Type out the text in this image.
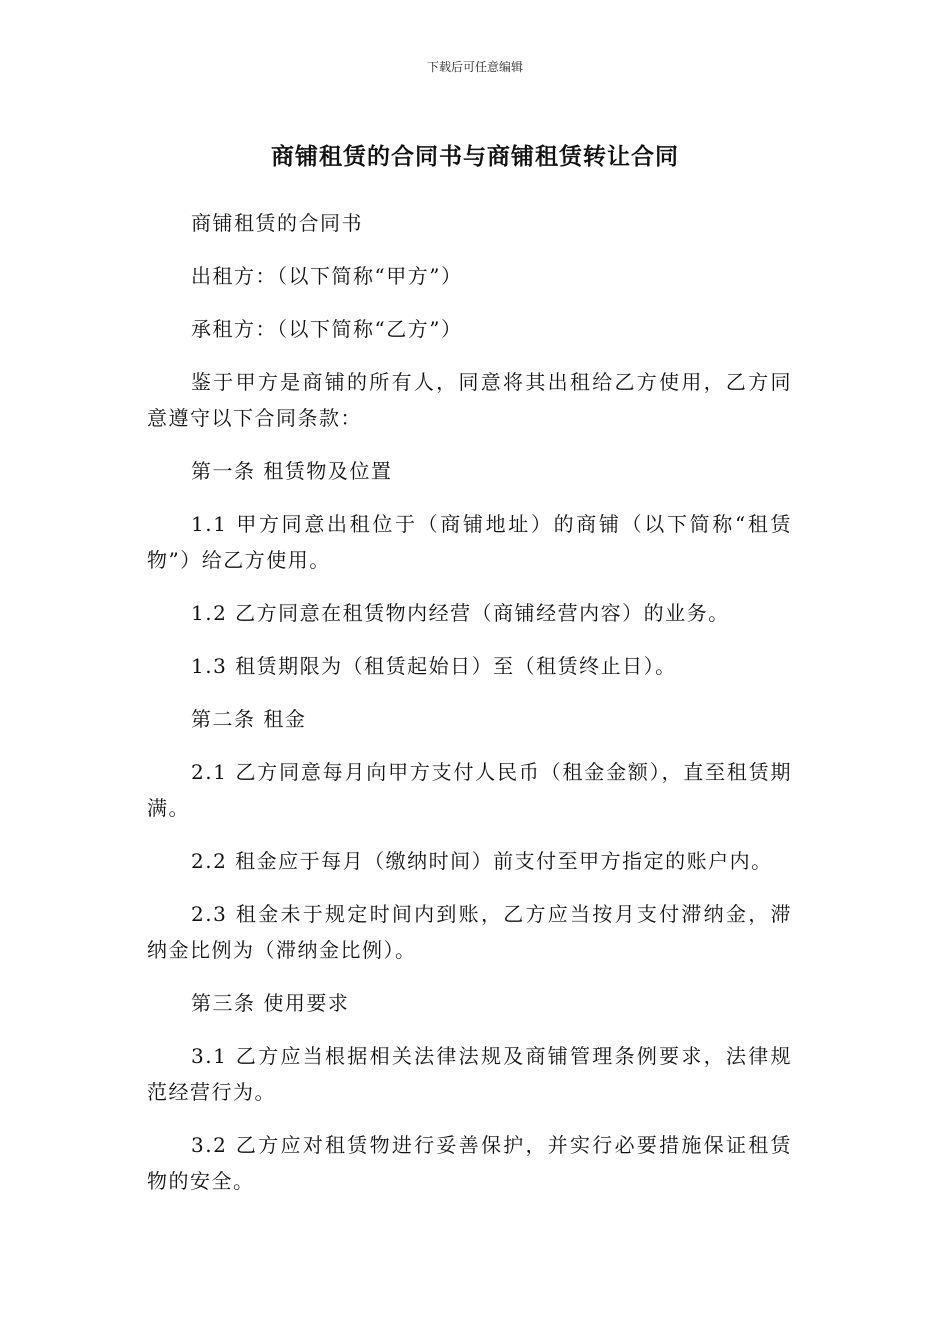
下载后可任意编辑
商铺租赁的合同书与商铺租赁转让合同

商铺租赁的合同书

出租方：（以下简称“甲方”）

承租方：（以下简称“乙方”）

鉴于甲方是商铺的所有人，同意将其出租给乙方使用，乙方同意遵守以下合同条款：

第一条 租赁物及位置

1.1 甲方同意出租位于（商铺地址）的商铺（以下简称“租赁物”）给乙方使用。

1.2 乙方同意在租赁物内经营（商铺经营内容）的业务。

1.3 租赁期限为（租赁起始日）至（租赁终止日）。

第二条 租金

2.1 乙方同意每月向甲方支付人民币（租金金额），直至租赁期满。

2.2 租金应于每月（缴纳时间）前支付至甲方指定的账户内。

2.3 租金未于规定时间内到账，乙方应当按月支付滞纳金，滞纳金比例为（滞纳金比例）。

第三条 使用要求

3.1 乙方应当根据相关法律法规及商铺管理条例要求，法律规范经营行为。

3.2 乙方应对租赁物进行妥善保护，并实行必要措施保证租赁物的安全。
